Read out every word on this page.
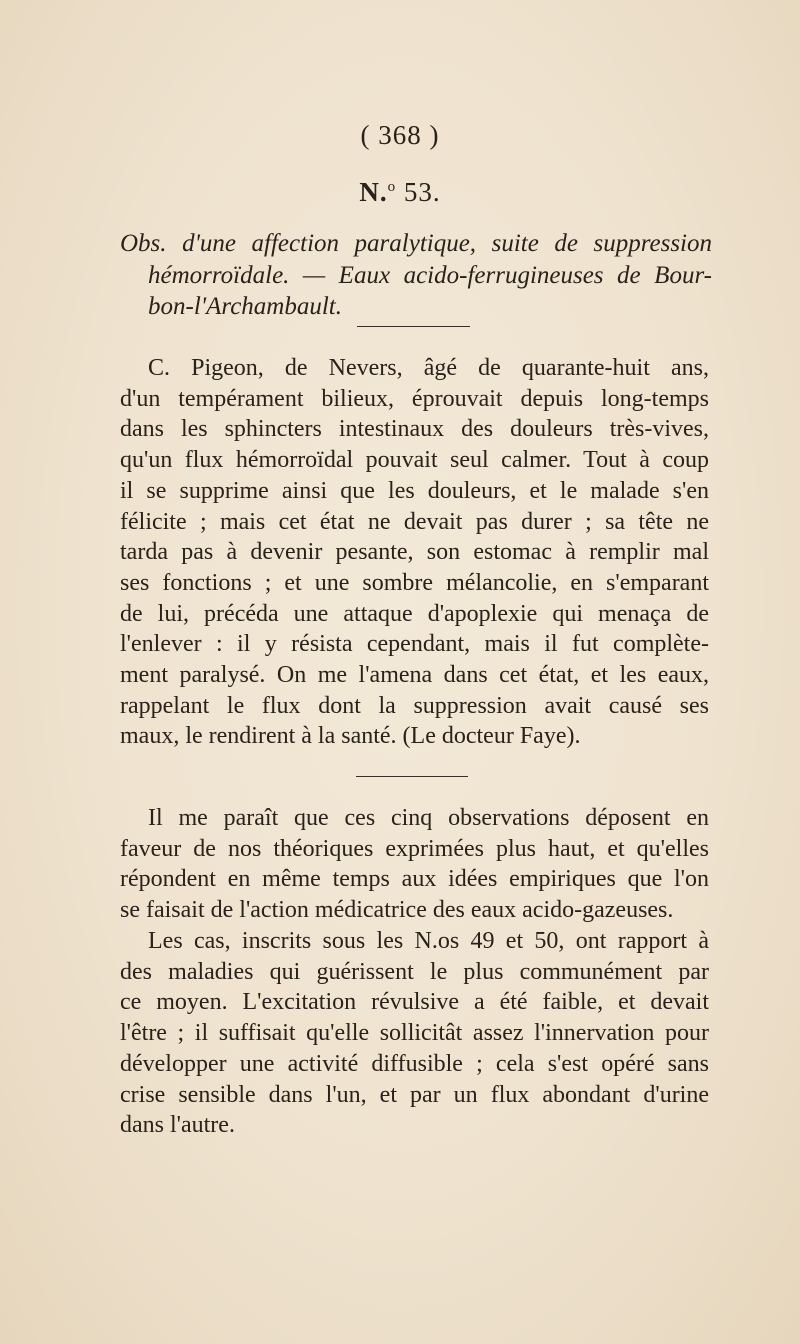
( 368 )
N.$^o$ 53.
Obs. d'une affection paralytique, suite de suppression
hémorroïdale. — Eaux acido-ferrugineuses de Bour-
bon-l'Archambault.
C. Pigeon, de Nevers, âgé de quarante-huit ans,
d'un tempérament bilieux, éprouvait depuis long-temps
dans les sphincters intestinaux des douleurs très-vives,
qu'un flux hémorroïdal pouvait seul calmer. Tout à coup
il se supprime ainsi que les douleurs, et le malade s'en
félicite ; mais cet état ne devait pas durer ; sa tête ne
tarda pas à devenir pesante, son estomac à remplir mal
ses fonctions ; et une sombre mélancolie, en s'emparant
de lui, précéda une attaque d'apoplexie qui menaça de
l'enlever : il y résista cependant, mais il fut complète-
ment paralysé. On me l'amena dans cet état, et les eaux,
rappelant le flux dont la suppression avait causé ses
maux, le rendirent à la santé. (Le docteur Faye).
Il me paraît que ces cinq observations déposent en
faveur de nos théoriques exprimées plus haut, et qu'elles
répondent en même temps aux idées empiriques que l'on
se faisait de l'action médicatrice des eaux acido-gazeuses.
Les cas, inscrits sous les N.os 49 et 50, ont rapport à
des maladies qui guérissent le plus communément par
ce moyen. L'excitation révulsive a été faible, et devait
l'être ; il suffisait qu'elle sollicitât assez l'innervation pour
développer une activité diffusible ; cela s'est opéré sans
crise sensible dans l'un, et par un flux abondant d'urine
dans l'autre.
